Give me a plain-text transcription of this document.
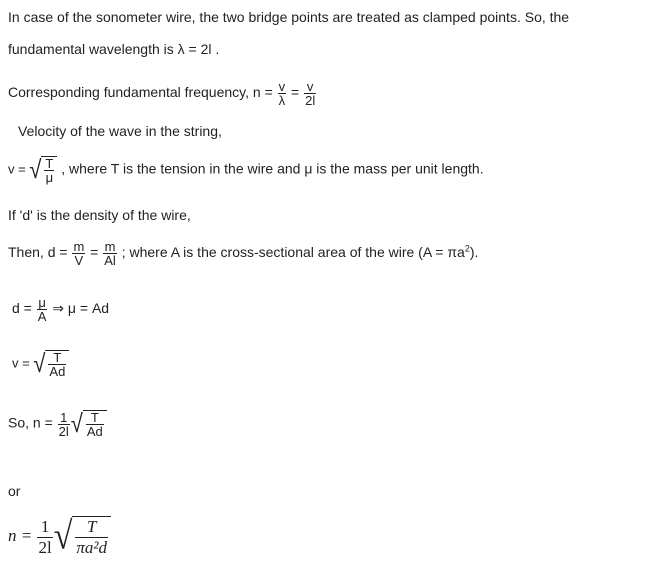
In case of the sonometer wire, the two bridge points are treated as clamped points. So, the
fundamental wavelength is λ = 2l .
Corresponding fundamental frequency, $n = \frac{v}{\lambda} = \frac{v}{2l}$
Velocity of the wave in the string,
v = √ $\frac{T}{\mu}$ , where T is the tension in the wire and μ is the mass per unit length.
If 'd' is the density of the wire,
Then, $d = \frac{m}{V} = \frac{m}{Al}$ ; where A is the cross-sectional area of the wire $(A = \pi a^2)$.
$d = \frac{\mu}{A}$ ⇒ μ = Ad
v = √ $\frac{T}{Ad}$
So, $n = \frac{1}{2l}$ √ $\frac{T}{Ad}$
or
$n = \frac{1}{2l}$ √ $\frac{T}{\text{πa²d}}$
